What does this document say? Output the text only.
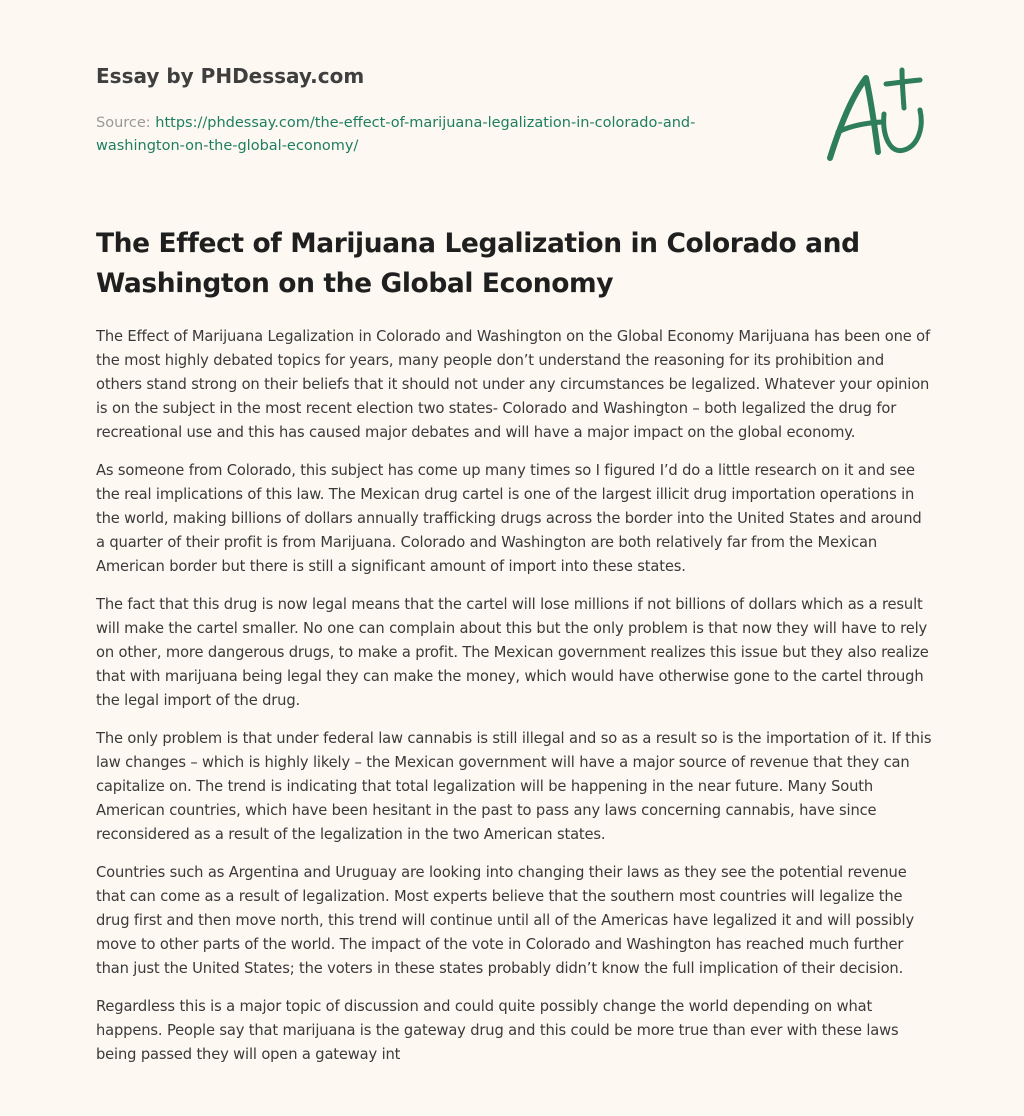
Essay by PHDessay.com
Source: https://phdessay.com/the-effect-of-marijuana-legalization-in-colorado-and-washington-on-the-global-economy/
The Effect of Marijuana Legalization in Colorado and Washington on the Global Economy

The Effect of Marijuana Legalization in Colorado and Washington on the Global Economy Marijuana has been one of the most highly debated topics for years, many people don’t understand the reasoning for its prohibition and others stand strong on their beliefs that it should not under any circumstances be legalized. Whatever your opinion is on the subject in the most recent election two states- Colorado and Washington – both legalized the drug for recreational use and this has caused major debates and will have a major impact on the global economy.

As someone from Colorado, this subject has come up many times so I figured I’d do a little research on it and see the real implications of this law. The Mexican drug cartel is one of the largest illicit drug importation operations in the world, making billions of dollars annually trafficking drugs across the border into the United States and around a quarter of their profit is from Marijuana. Colorado and Washington are both relatively far from the Mexican American border but there is still a significant amount of import into these states.

The fact that this drug is now legal means that the cartel will lose millions if not billions of dollars which as a result will make the cartel smaller. No one can complain about this but the only problem is that now they will have to rely on other, more dangerous drugs, to make a profit. The Mexican government realizes this issue but they also realize that with marijuana being legal they can make the money, which would have otherwise gone to the cartel through the legal import of the drug.

The only problem is that under federal law cannabis is still illegal and so as a result so is the importation of it. If this law changes – which is highly likely – the Mexican government will have a major source of revenue that they can capitalize on. The trend is indicating that total legalization will be happening in the near future. Many South American countries, which have been hesitant in the past to pass any laws concerning cannabis, have since reconsidered as a result of the legalization in the two American states.

Countries such as Argentina and Uruguay are looking into changing their laws as they see the potential revenue that can come as a result of legalization. Most experts believe that the southern most countries will legalize the drug first and then move north, this trend will continue until all of the Americas have legalized it and will possibly move to other parts of the world. The impact of the vote in Colorado and Washington has reached much further than just the United States; the voters in these states probably didn’t know the full implication of their decision.

Regardless this is a major topic of discussion and could quite possibly change the world depending on what happens. People say that marijuana is the gateway drug and this could be more true than ever with these laws being passed they will open a gateway int
